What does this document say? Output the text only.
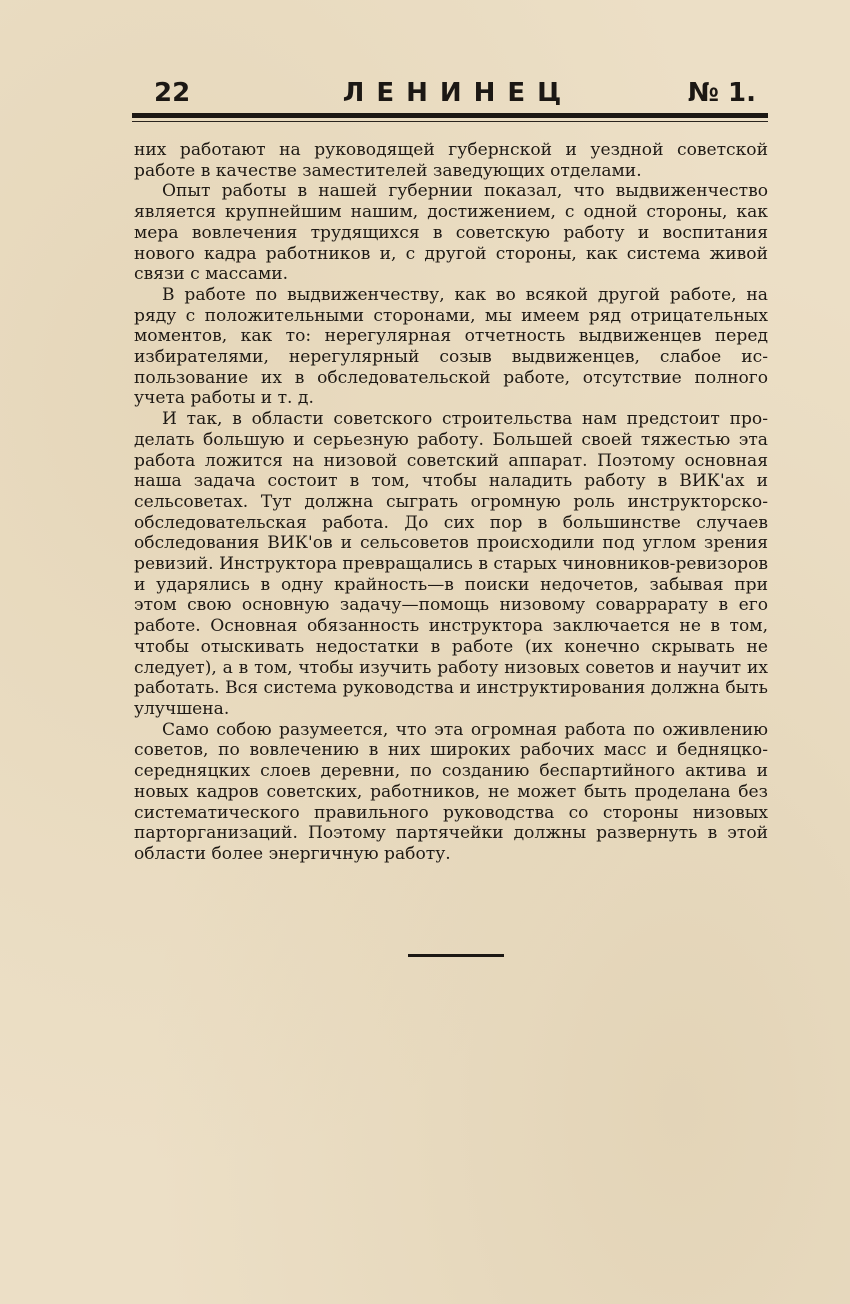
22	ЛЕНИНЕЦ	№ 1.

них работают на руководящей губернской и уездной советской работе в качестве заместителей заведующих отделами.

Опыт работы в нашей губернии показал, что выдвиженчество является крупнейшим нашим, достижением, с одной стороны, как мера вовлечения трудящихся в советскую работу и воспитания нового кадра работников и, с другой стороны, как система живой связи с массами.

В работе по выдвиженчеству, как во всякой другой работе, на ряду с положительными сторонами, мы имеем ряд отрицательных моментов, как то: нерегулярная отчетность выдвиженцев перед избирателями, нерегулярный созыв выдвиженцев, слабое использование их в обследовательской работе, отсутствие полного учета работы и т. д.

И так, в области советского строительства нам предстоит проделать большую и серьезную работу. Большей своей тяжестью эта работа ложится на низовой советский аппарат. Поэтому основная наша задача состоит в том, чтобы наладить работу в ВИК'ах и сельсоветах. Тут должна сыграть огромную роль инструкторско-обследовательская работа. До сих пор в большинстве случаев обследования ВИК'ов и сельсоветов происходили под углом зрения ревизий. Инструктора превращались в старых чиновников-ревизоров и ударялись в одну крайность—в поиски недочетов, забывая при этом свою основную задачу—помощь низовому совappaрату в его работе. Основная обязанность инструктора заключается не в том, чтобы отыскивать недостатки в работе (их конечно скрывать не следует), а в том, чтобы изучить работу низовых советов и научит их работать. Вся система руководства и инструктирования должна быть улучшена.

Само собою разумеется, что эта огромная работа по оживлению советов, по вовлечению в них широких рабочих масс и бедняцко-середняцких слоев деревни, по созданию беспартийного актива и новых кадров советских, работников, не может быть проделана без систематического правильного руководства со стороны низовых парторганизаций. Поэтому партячейки должны развернуть в этой области более энергичную работу.
